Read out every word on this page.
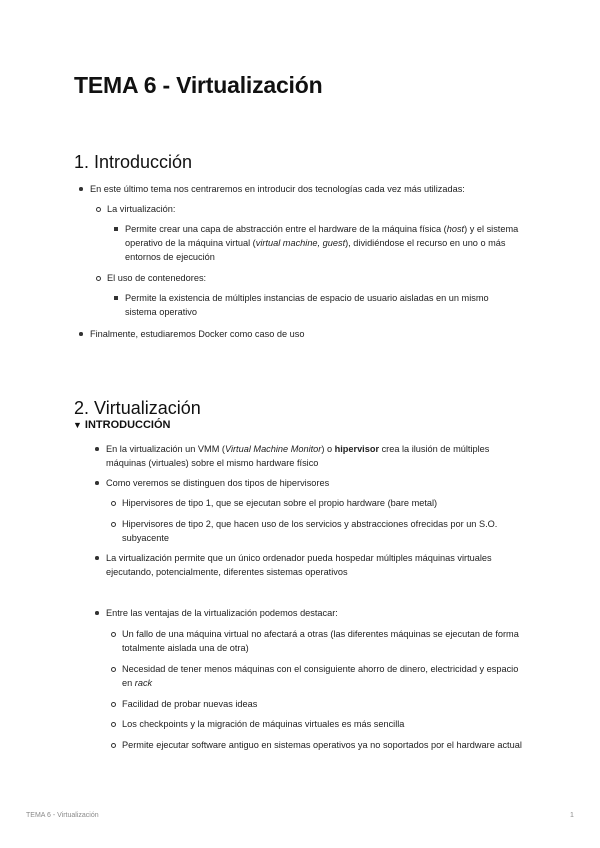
TEMA 6 - Virtualización
1. Introducción
En este último tema nos centraremos en introducir dos tecnologías cada vez más utilizadas:
La virtualización:
Permite crear una capa de abstracción entre el hardware de la máquina física (host) y el sistema operativo de la máquina virtual (virtual machine, guest), dividiéndose el recurso en uno o más entornos de ejecución
El uso de contenedores:
Permite la existencia de múltiples instancias de espacio de usuario aisladas en un mismo sistema operativo
Finalmente, estudiaremos Docker como caso de uso
2. Virtualización
▼ INTRODUCCIÓN
En la virtualización un VMM (Virtual Machine Monitor) o hipervisor crea la ilusión de múltiples máquinas (virtuales) sobre el mismo hardware físico
Como veremos se distinguen dos tipos de hipervisores
Hipervisores de tipo 1, que se ejecutan sobre el propio hardware (bare metal)
Hipervisores de tipo 2, que hacen uso de los servicios y abstracciones ofrecidas por un S.O. subyacente
La virtualización permite que un único ordenador pueda hospedar múltiples máquinas virtuales ejecutando, potencialmente, diferentes sistemas operativos
Entre las ventajas de la virtualización podemos destacar:
Un fallo de una máquina virtual no afectará a otras (las diferentes máquinas se ejecutan de forma totalmente aislada una de otra)
Necesidad de tener menos máquinas con el consiguiente ahorro de dinero, electricidad y espacio en rack
Facilidad de probar nuevas ideas
Los checkpoints y la migración de máquinas virtuales es más sencilla
Permite ejecutar software antiguo en sistemas operativos ya no soportados por el hardware actual
TEMA 6 - Virtualización	1
